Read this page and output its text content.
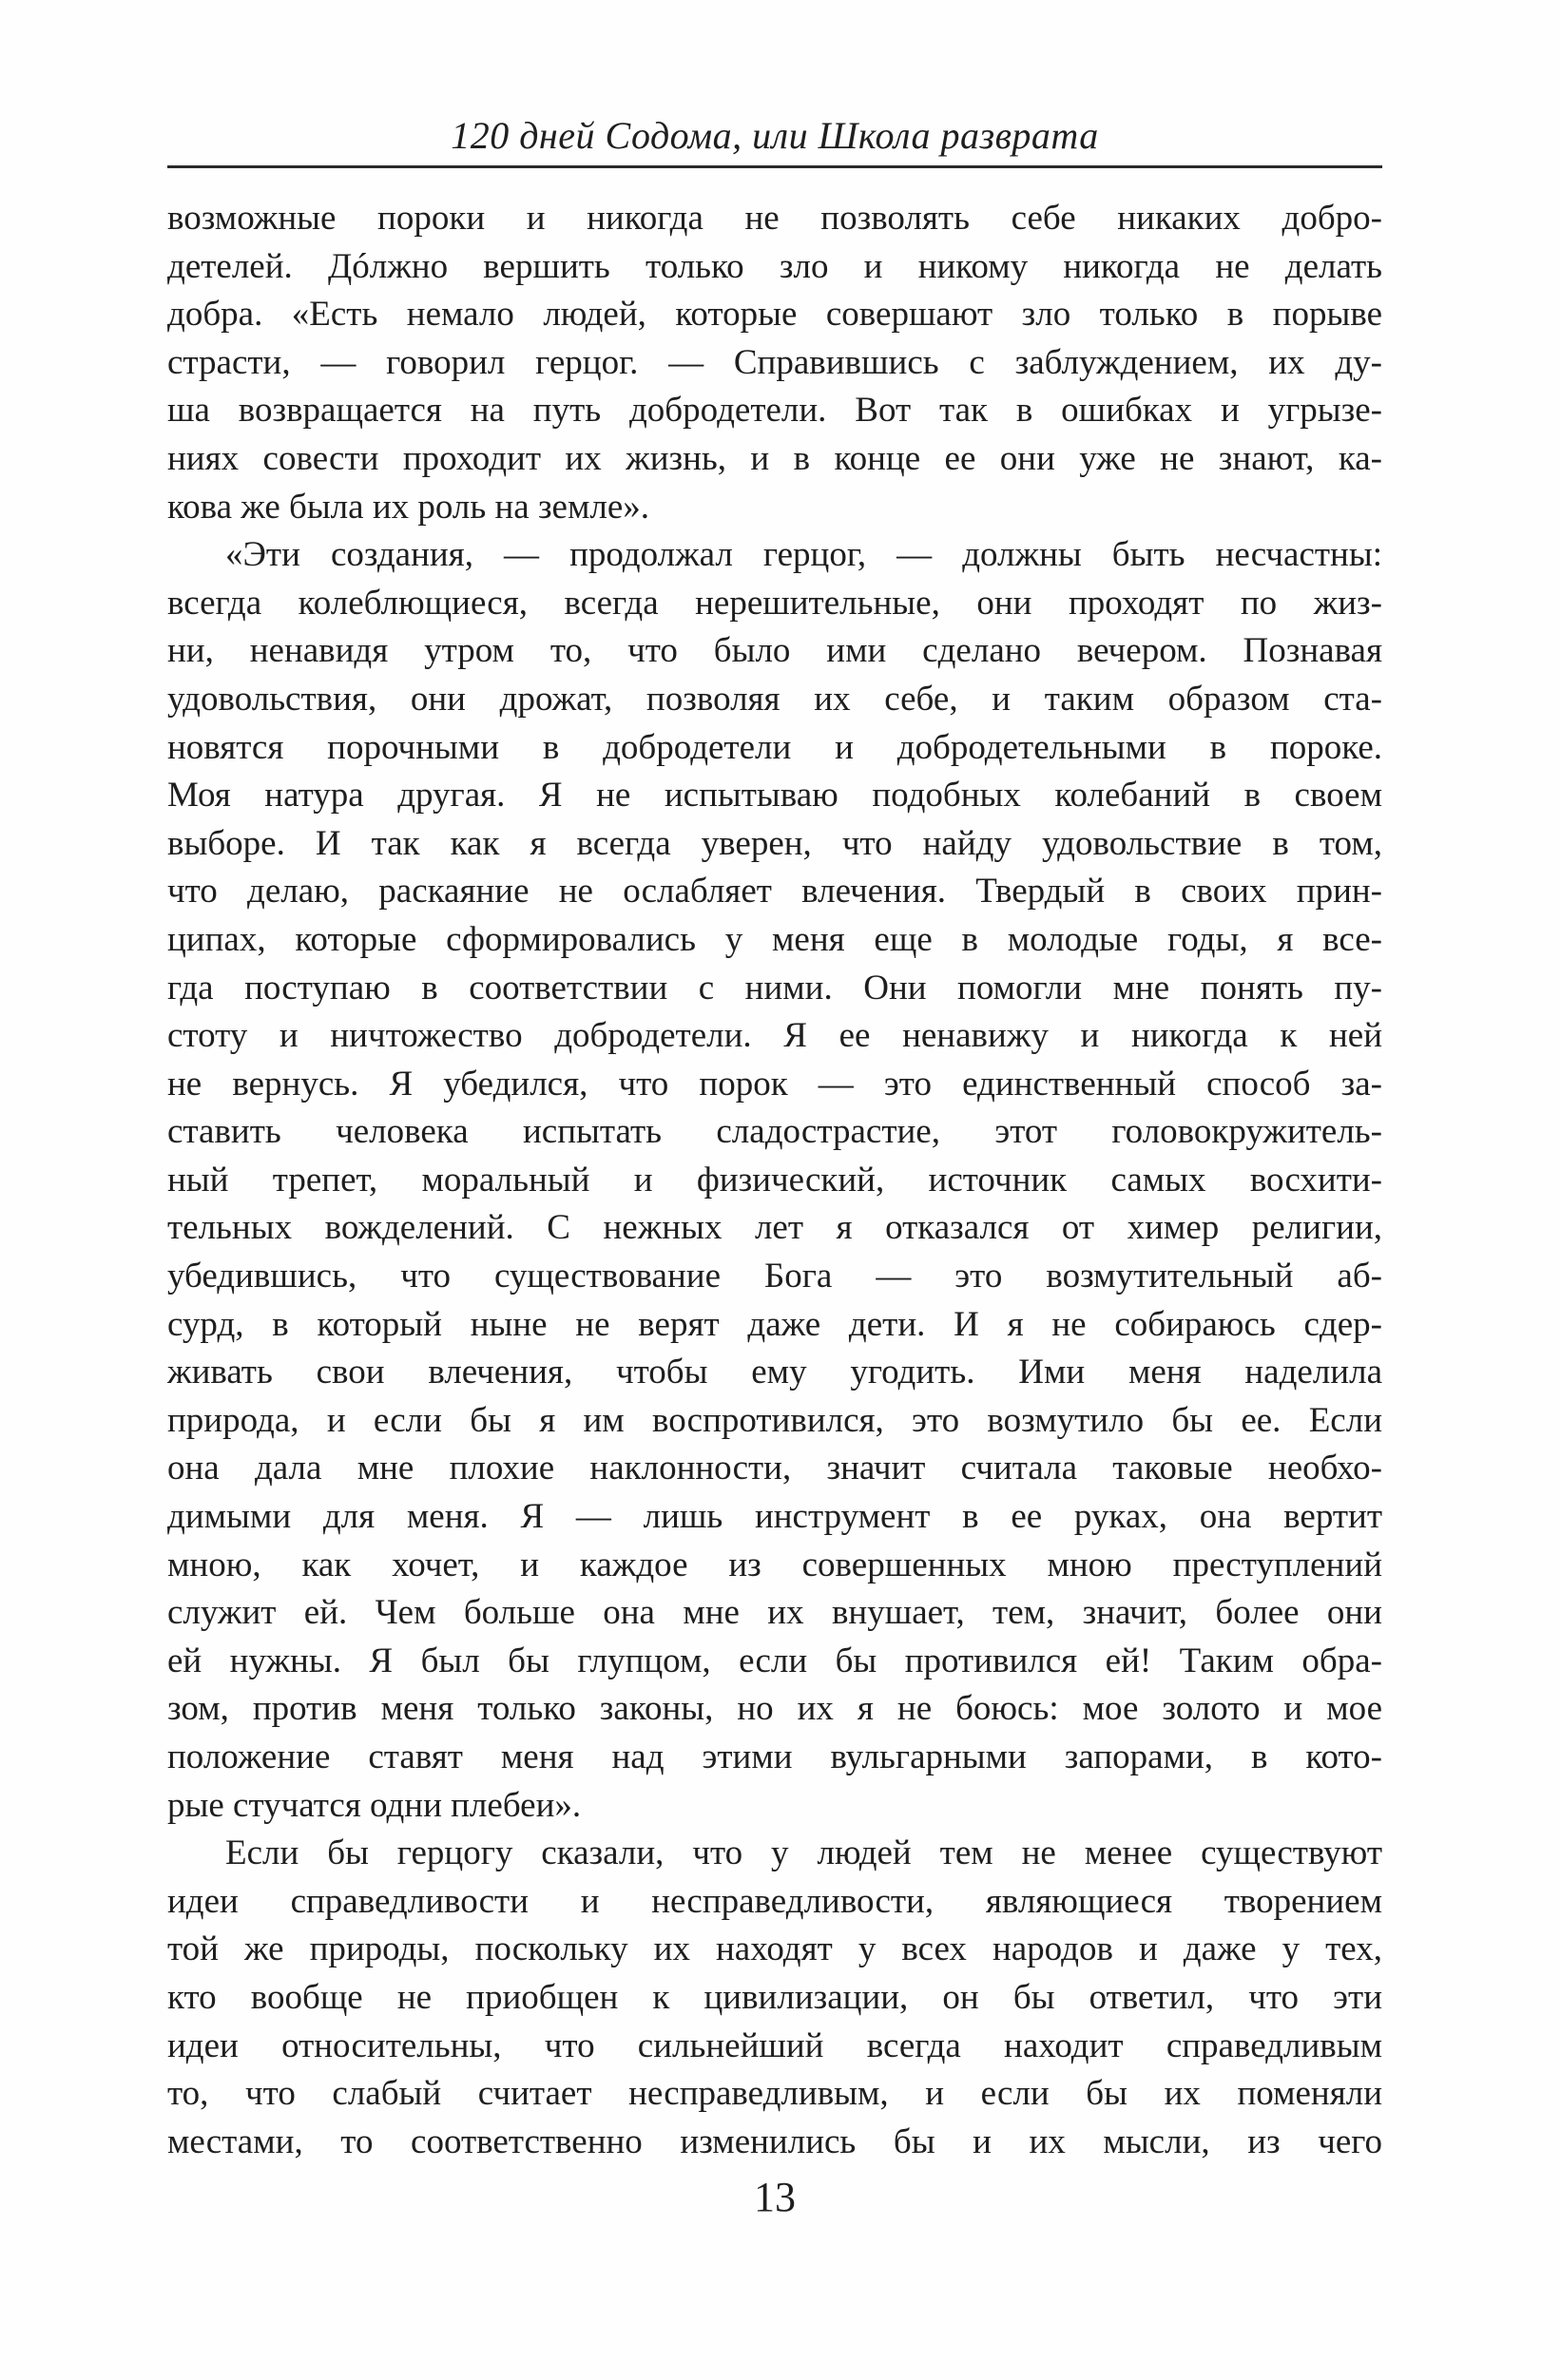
120 дней Содома, или Школа разврата
возможные пороки и никогда не позволять себе никаких добро-
детелей. Дóлжно вершить только зло и никому никогда не делать
добра. «Есть немало людей, которые совершают зло только в порыве
страсти, — говорил герцог. — Справившись с заблуждением, их ду-
ша возвращается на путь добродетели. Вот так в ошибках и угрызе-
ниях совести проходит их жизнь, и в конце ее они уже не знают, ка-
кова же была их роль на земле».
«Эти создания, — продолжал герцог, — должны быть несчастны:
всегда колеблющиеся, всегда нерешительные, они проходят по жиз-
ни, ненавидя утром то, что было ими сделано вечером. Познавая
удовольствия, они дрожат, позволяя их себе, и таким образом ста-
новятся порочными в добродетели и добродетельными в пороке.
Моя натура другая. Я не испытываю подобных колебаний в своем
выборе. И так как я всегда уверен, что найду удовольствие в том,
что делаю, раскаяние не ослабляет влечения. Твердый в своих прин-
ципах, которые сформировались у меня еще в молодые годы, я все-
гда поступаю в соответствии с ними. Они помогли мне понять пу-
стоту и ничтожество добродетели. Я ее ненавижу и никогда к ней
не вернусь. Я убедился, что порок — это единственный способ за-
ставить человека испытать сладострастие, этот головокружитель-
ный трепет, моральный и физический, источник самых восхити-
тельных вожделений. С нежных лет я отказался от химер религии,
убедившись, что существование Бога — это возмутительный аб-
сурд, в который ныне не верят даже дети. И я не собираюсь сдер-
живать свои влечения, чтобы ему угодить. Ими меня наделила
природа, и если бы я им воспротивился, это возмутило бы ее. Если
она дала мне плохие наклонности, значит считала таковые необхо-
димыми для меня. Я — лишь инструмент в ее руках, она вертит
мною, как хочет, и каждое из совершенных мною преступлений
служит ей. Чем больше она мне их внушает, тем, значит, более они
ей нужны. Я был бы глупцом, если бы противился ей! Таким обра-
зом, против меня только законы, но их я не боюсь: мое золото и мое
положение ставят меня над этими вульгарными запорами, в кото-
рые стучатся одни плебеи».
Если бы герцогу сказали, что у людей тем не менее существуют
идеи справедливости и несправедливости, являющиеся творением
той же природы, поскольку их находят у всех народов и даже у тех,
кто вообще не приобщен к цивилизации, он бы ответил, что эти
идеи относительны, что сильнейший всегда находит справедливым
то, что слабый считает несправедливым, и если бы их поменяли
местами, то соответственно изменились бы и их мысли, из чего
13
